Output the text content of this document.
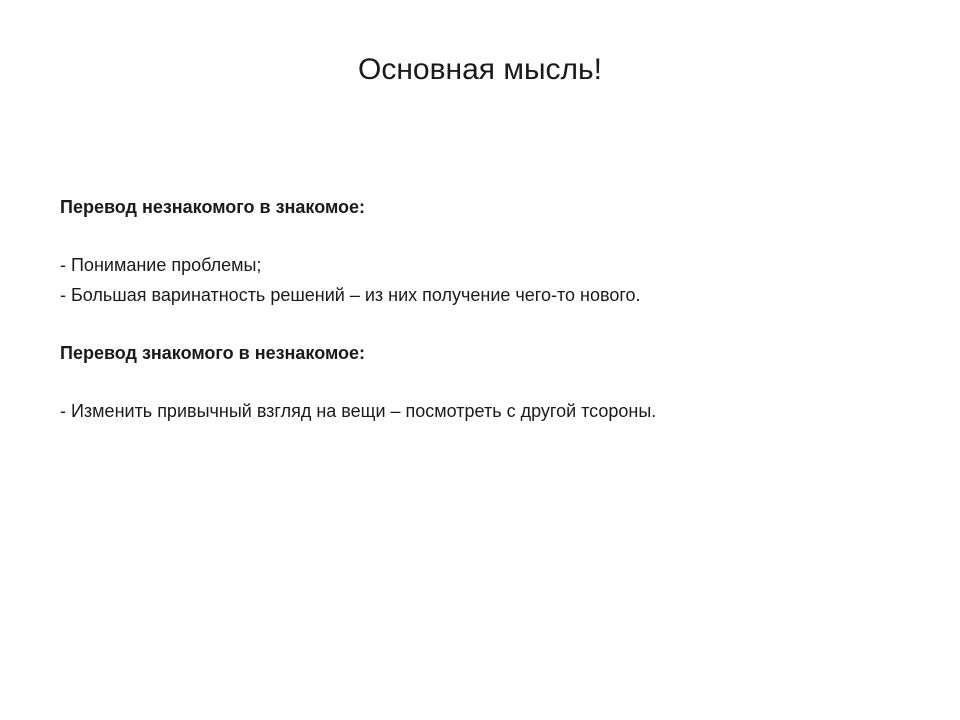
Основная мысль!
Перевод незнакомого в знакомое:
- Понимание проблемы;
- Большая варинатность решений – из них получение чего-то нового.
Перевод знакомого в незнакомое:
- Изменить привычный взгляд на вещи – посмотреть с другой тсороны.
